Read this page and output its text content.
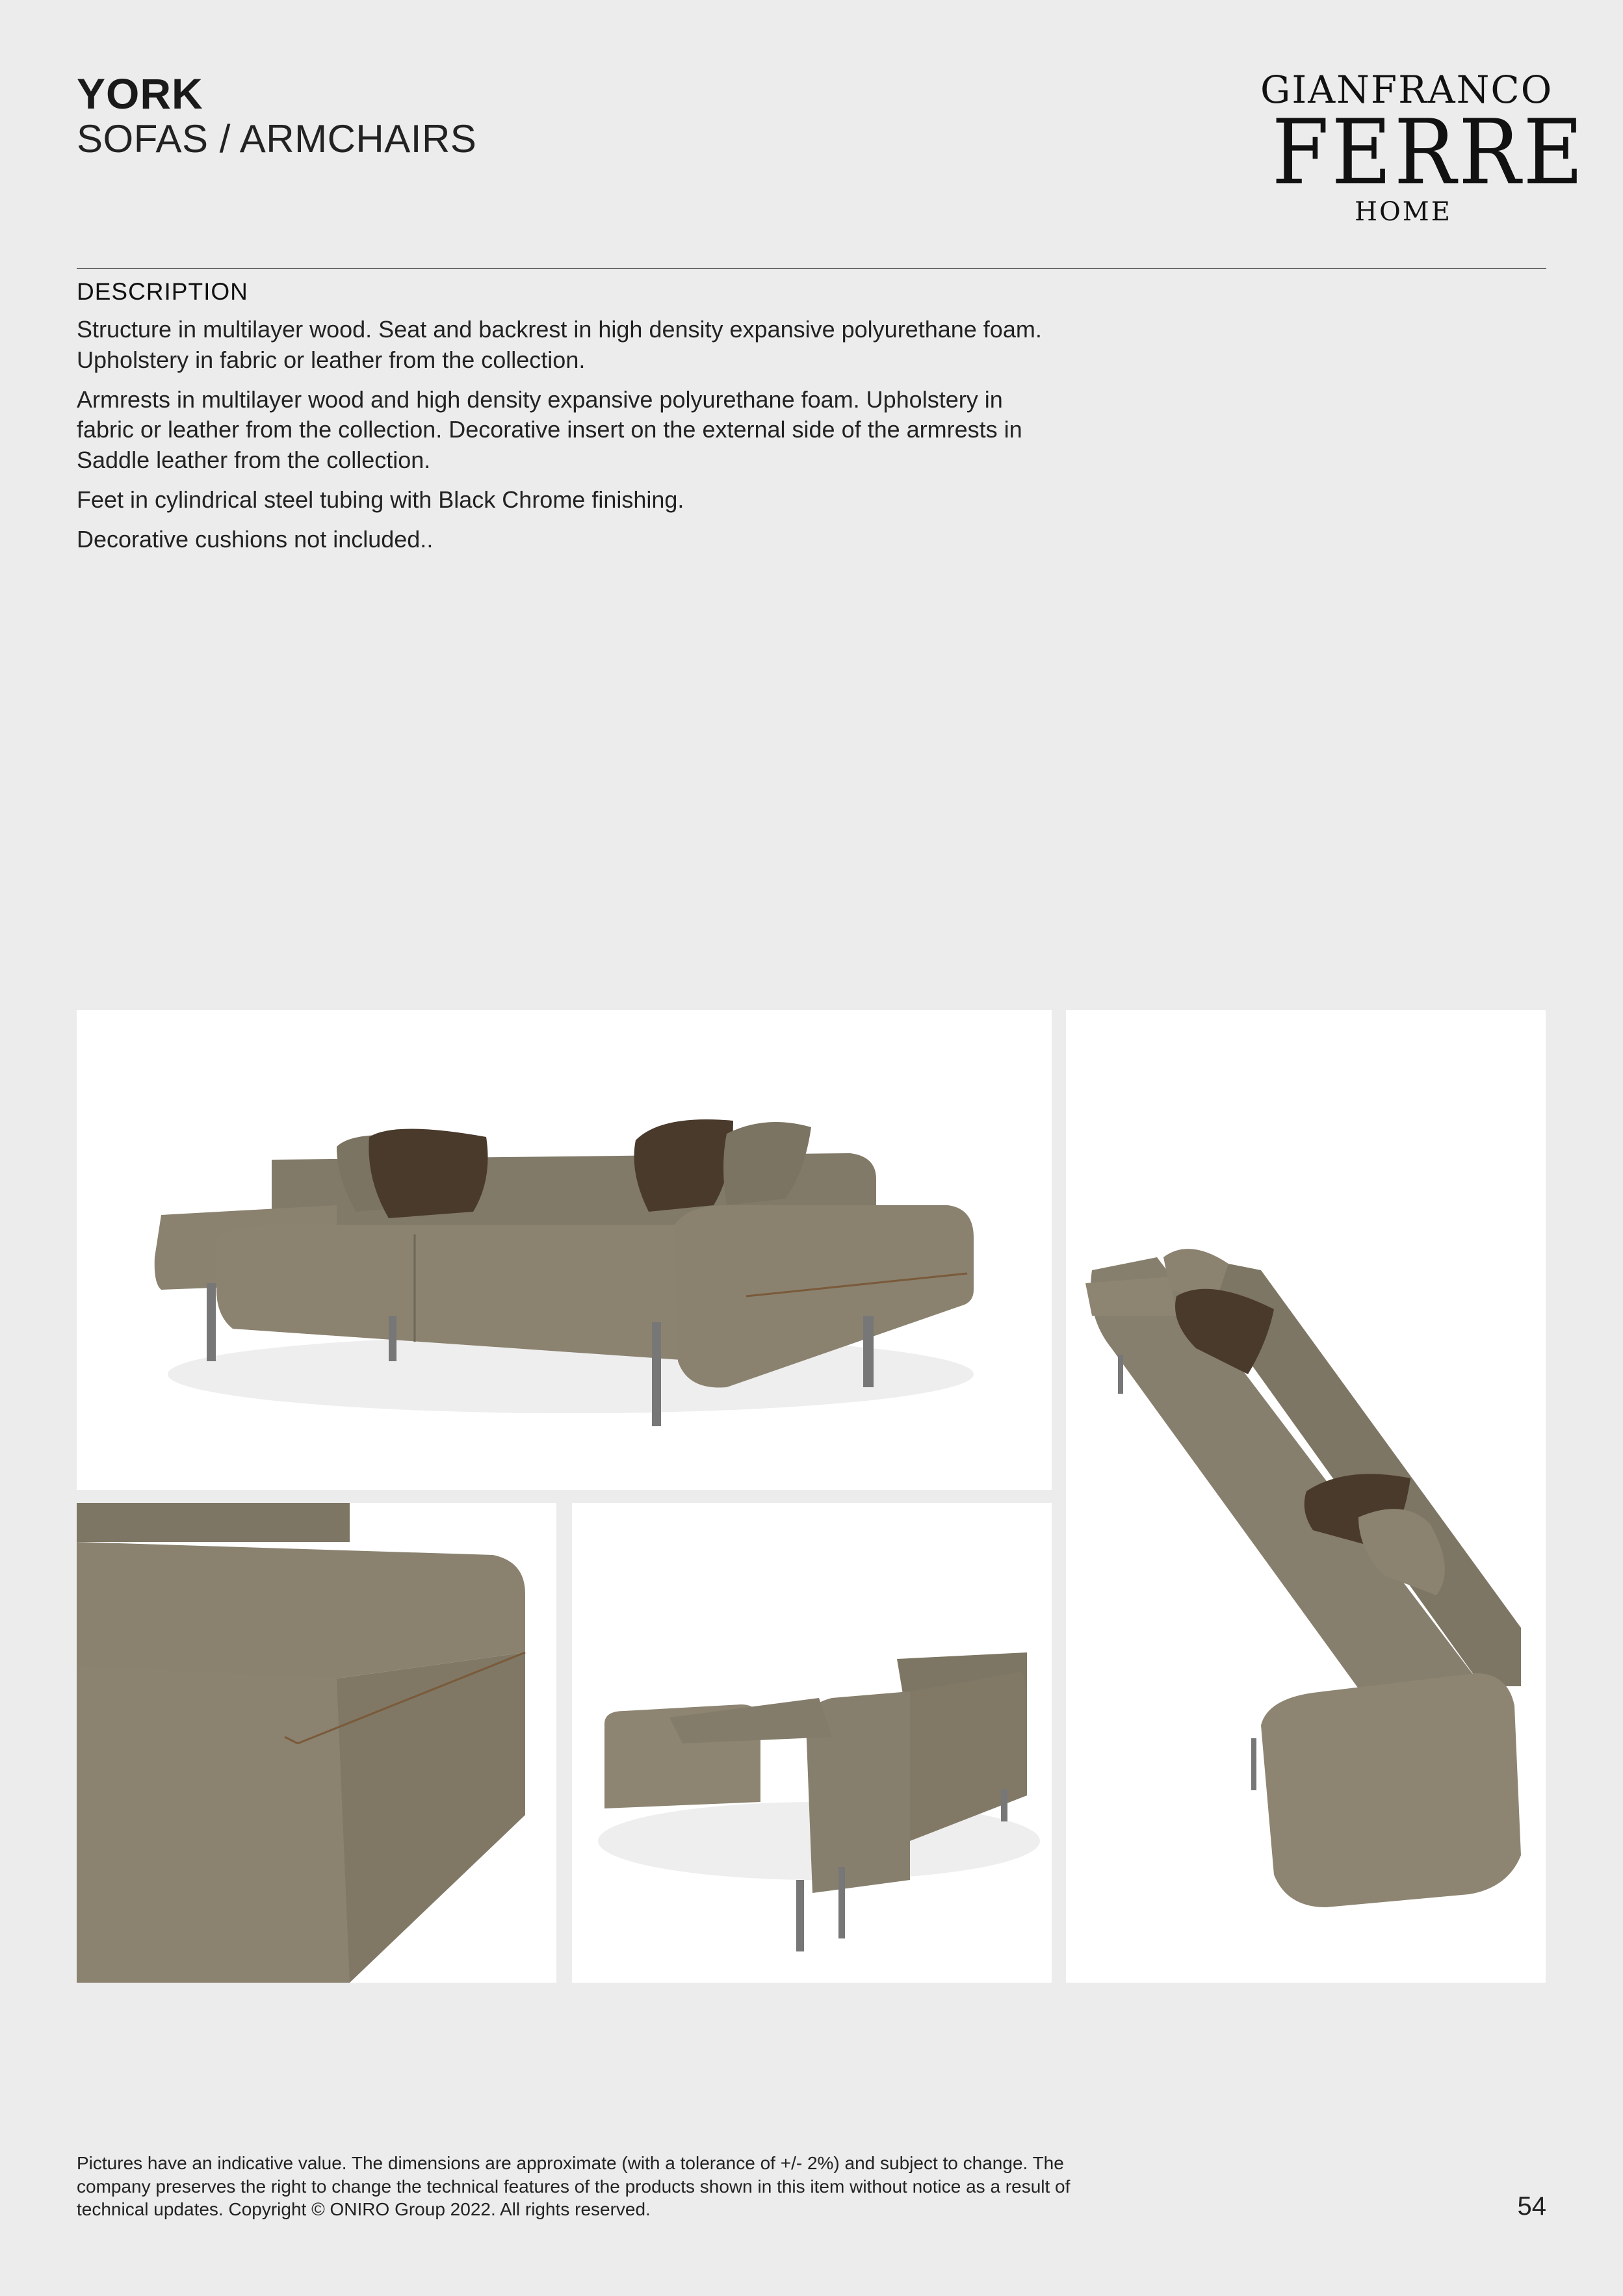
YORK
SOFAS / ARMCHAIRS
GIANFRANCO
FERRE
HOME
DESCRIPTION

Structure in multilayer wood. Seat and backrest in high density expansive polyurethane foam. Upholstery in fabric or leather from the collection.

Armrests in multilayer wood and high density expansive polyurethane foam. Upholstery in fabric or leather from the collection. Decorative insert on the external side of the armrests in Saddle leather from the collection.

Feet in cylindrical steel tubing with Black Chrome finishing.

Decorative cushions not included..

Pictures have an indicative value. The dimensions are approximate (with a tolerance of +/- 2%) and subject to change. The company preserves the right to change the technical features of the products shown in this item without notice as a result of technical updates. Copyright © ONIRO Group 2022. All rights reserved.	54
